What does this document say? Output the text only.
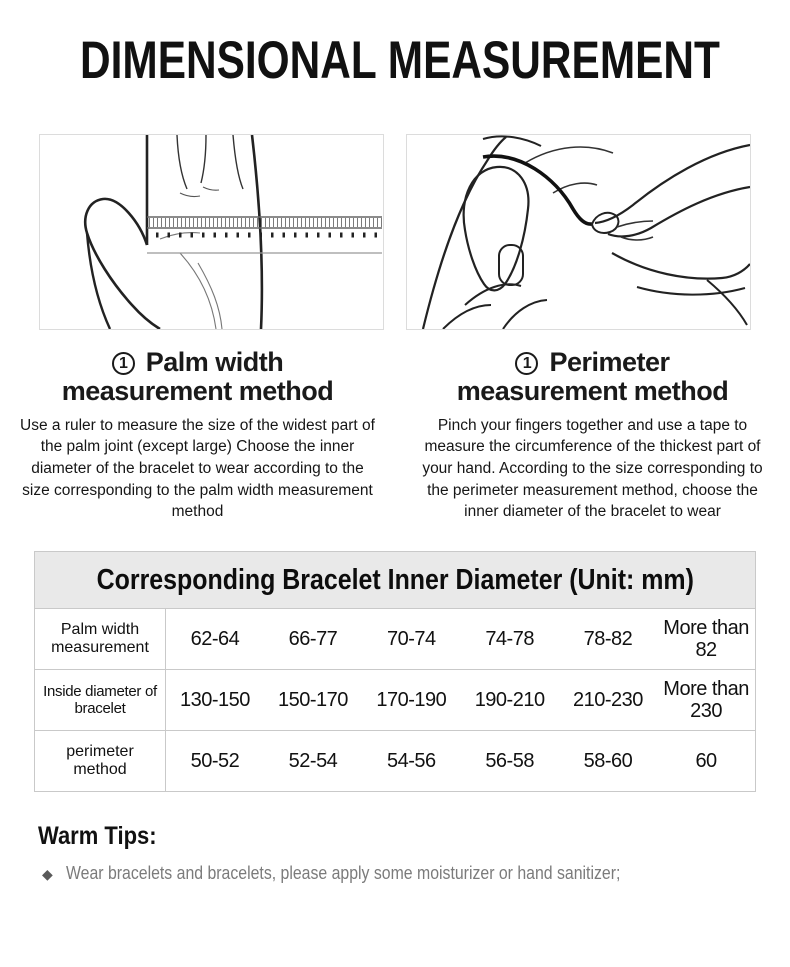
DIMENSIONAL MEASUREMENT
1 Palm width
measurement method

Use a ruler to measure the size of the widest part of the palm joint (except large) Choose the inner diameter of the bracelet to wear according to the size corresponding to the palm width measurement method

1 Perimeter
measurement method

Pinch your fingers together and use a tape to measure the circumference of the thickest part of your hand. According to the size corresponding to the perimeter measurement method, choose the inner diameter of the bracelet to wear

Corresponding Bracelet Inner Diameter (Unit: mm)						
Palm width measurement	62-64	66-77	70-74	74-78	78-82	More than 82
Inside diameter of bracelet	130-150	150-170	170-190	190-210	210-230	More than 230
perimeter method	50-52	52-54	54-56	56-58	58-60	60
Warm Tips:

◆ Wear bracelets and bracelets, please apply some moisturizer or hand sanitizer;
